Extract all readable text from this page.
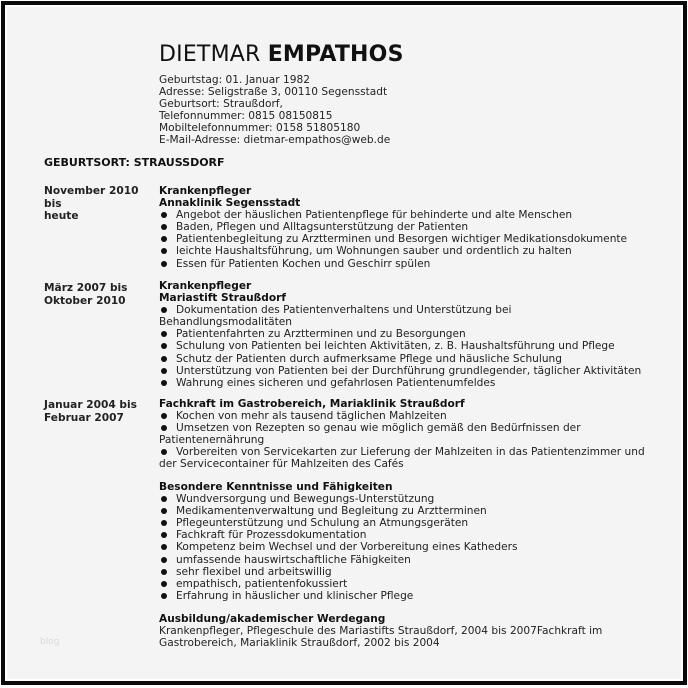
DIETMAR EMPATHOS
Geburtstag: 01. Januar 1982
Adresse: Seligstraße 3, 00110 Segensstadt
Geburtsort: Straußdorf,
Telefonnummer: 0815 08150815
Mobiltelefonnummer: 0158 51805180
E-Mail-Adresse: dietmar-empathos@web.de
GEBURTSORT: STRAUSSDORF
November 2010 bis
heute
Krankenpfleger
Annaklinik Segensstadt
Angebot der häuslichen Patientenpflege für behinderte und alte Menschen
Baden, Pflegen und Alltagsunterstützung der Patienten
Patientenbegleitung zu Arztterminen und Besorgen wichtiger Medikationsdokumente
leichte Haushaltsführung, um Wohnungen sauber und ordentlich zu halten
Essen für Patienten Kochen und Geschirr spülen
März 2007 bis
Oktober 2010
Krankenpfleger
Mariastift Straußdorf
Dokumentation des Patientenverhaltens und Unterstützung bei Behandlungsmodalitäten
Patientenfahrten zu Arztterminen und zu Besorgungen
Schulung von Patienten bei leichten Aktivitäten, z. B. Haushaltsführung und Pflege
Schutz der Patienten durch aufmerksame Pflege und häusliche Schulung
Unterstützung von Patienten bei der Durchführung grundlegender, täglicher Aktivitäten
Wahrung eines sicheren und gefahrlosen Patientenumfeldes
Januar 2004 bis
Februar 2007
Fachkraft im Gastrobereich, Mariaklinik Straußdorf
Kochen von mehr als tausend täglichen Mahlzeiten
Umsetzen von Rezepten so genau wie möglich gemäß den Bedürfnissen der Patientenernährung
Vorbereiten von Servicekarten zur Lieferung der Mahlzeiten in das Patientenzimmer und der Servicecontainer für Mahlzeiten des Cafés
Besondere Kenntnisse und Fähigkeiten
Wundversorgung und Bewegungs-Unterstützung
Medikamentenverwaltung und Begleitung zu Arztterminen
Pflegeunterstützung und Schulung an Atmungsgeräten
Fachkraft für Prozessdokumentation
Kompetenz beim Wechsel und der Vorbereitung eines Katheders
umfassende hauswirtschaftliche Fähigkeiten
sehr flexibel und arbeitswillig
empathisch, patientenfokussiert
Erfahrung in häuslicher und klinischer Pflege
Ausbildung/akademischer Werdegang
Krankenpfleger, Pflegeschule des Mariastifts Straußdorf, 2004 bis 2007Fachkraft im Gastrobereich, Mariaklinik Straußdorf, 2002 bis 2004
blog
